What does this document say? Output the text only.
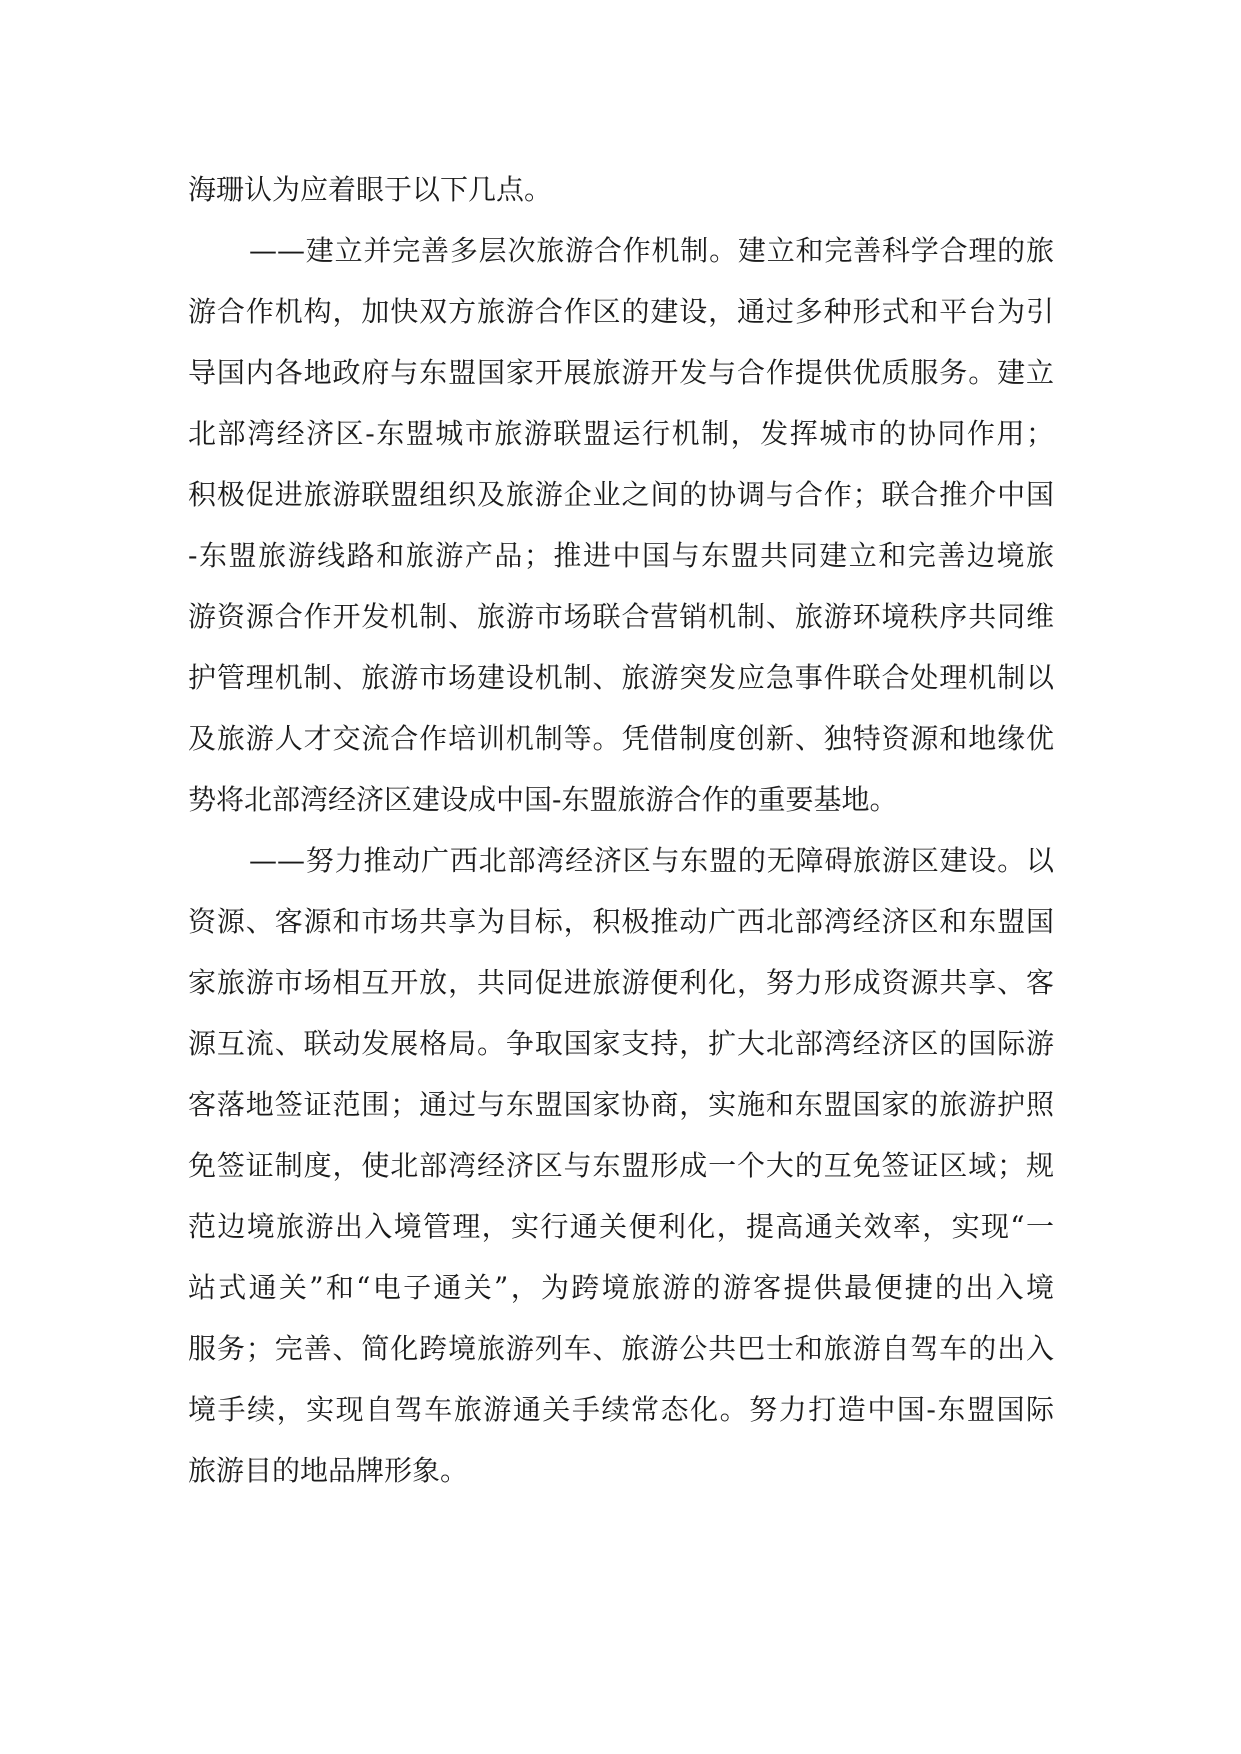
海珊认为应着眼于以下几点。
——建立并完善多层次旅游合作机制。建立和完善科学合理的旅
游合作机构，加快双方旅游合作区的建设，通过多种形式和平台为引
导国内各地政府与东盟国家开展旅游开发与合作提供优质服务。建立
北部湾经济区-东盟城市旅游联盟运行机制，发挥城市的协同作用；
积极促进旅游联盟组织及旅游企业之间的协调与合作；联合推介中国
-东盟旅游线路和旅游产品；推进中国与东盟共同建立和完善边境旅
游资源合作开发机制、旅游市场联合营销机制、旅游环境秩序共同维
护管理机制、旅游市场建设机制、旅游突发应急事件联合处理机制以
及旅游人才交流合作培训机制等。凭借制度创新、独特资源和地缘优
势将北部湾经济区建设成中国-东盟旅游合作的重要基地。
——努力推动广西北部湾经济区与东盟的无障碍旅游区建设。以
资源、客源和市场共享为目标，积极推动广西北部湾经济区和东盟国
家旅游市场相互开放，共同促进旅游便利化，努力形成资源共享、客
源互流、联动发展格局。争取国家支持，扩大北部湾经济区的国际游
客落地签证范围；通过与东盟国家协商，实施和东盟国家的旅游护照
免签证制度，使北部湾经济区与东盟形成一个大的互免签证区域；规
范边境旅游出入境管理，实行通关便利化，提高通关效率，实现“一
站式通关”和“电子通关”，为跨境旅游的游客提供最便捷的出入境
服务；完善、简化跨境旅游列车、旅游公共巴士和旅游自驾车的出入
境手续，实现自驾车旅游通关手续常态化。努力打造中国-东盟国际
旅游目的地品牌形象。
